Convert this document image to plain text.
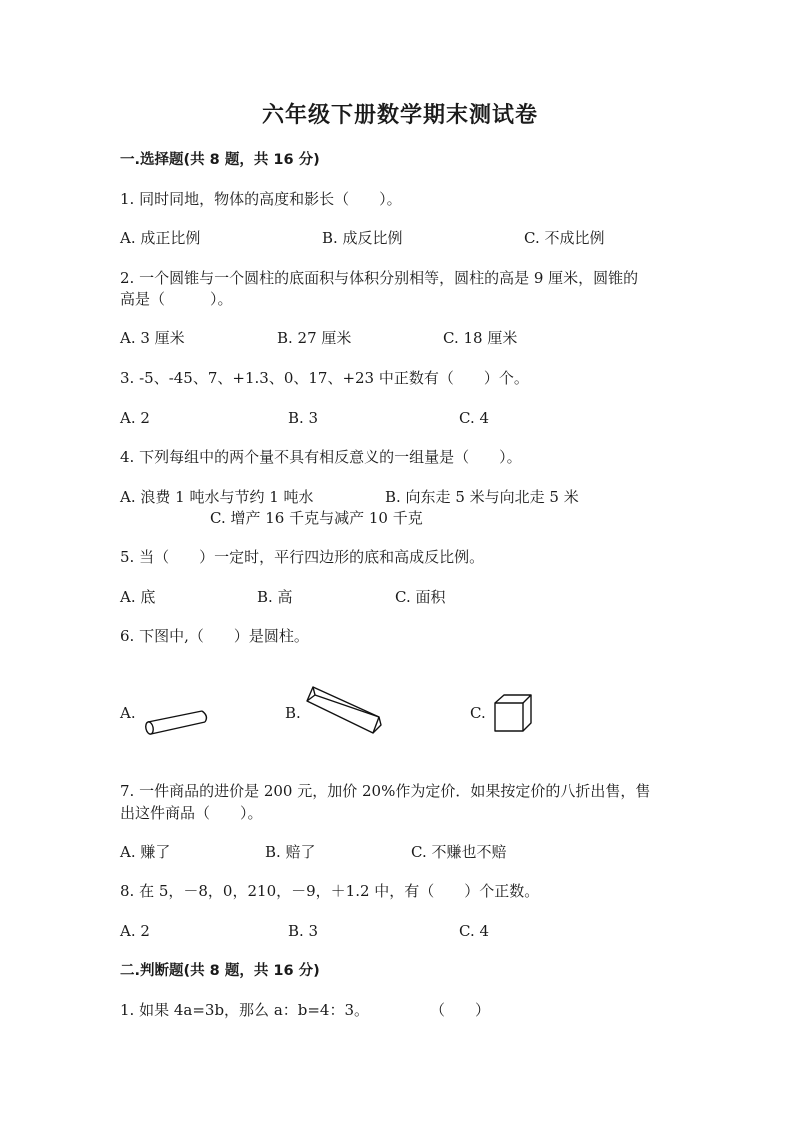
六年级下册数学期末测试卷
一.选择题(共 8 题，共 16 分)
1. 同时同地，物体的高度和影长（　　）。
A. 成正比例	B. 成反比例	C. 不成比例
2. 一个圆锥与一个圆柱的底面积与体积分别相等，圆柱的高是 9 厘米，圆锥的
高是（　　　）。
A. 3 厘米	B. 27 厘米	C. 18 厘米
3. -5、-45、7、+1.3、0、17、+23 中正数有（　　）个。
A. 2	B. 3	C. 4
4. 下列每组中的两个量不具有相反意义的一组量是（　　）。
A. 浪费 1 吨水与节约 1 吨水	B. 向东走 5 米与向北走 5 米
C. 增产 16 千克与减产 10 千克
5. 当（　　）一定时，平行四边形的底和高成反比例。
A. 底	B. 高	C. 面积
6. 下图中,（　　）是圆柱。
A.	B.	C.
7. 一件商品的进价是 200 元，加价 20%作为定价．如果按定价的八折出售，售
出这件商品（　　）。
A. 赚了	B. 赔了	C. 不赚也不赔
8. 在 5，－8，0，210，－9，＋1.2 中，有（　　）个正数。
A. 2	B. 3	C. 4
二.判断题(共 8 题，共 16 分)
1. 如果 4a=3b，那么 a：b=4：3。	（　　）
